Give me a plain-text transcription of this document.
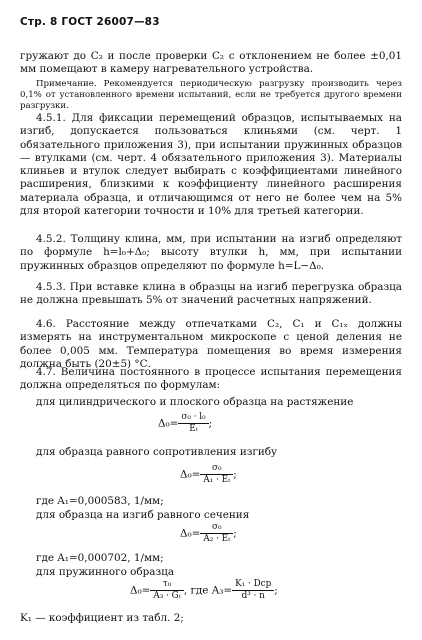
Стр. 8 ГОСТ 26007—83
гружают до C₂ и после проверки C₂ с отклонением не более ±0,01 мм помещают в камеру нагревательного устройства.
Примечание. Рекомендуется периодическую разгрузку производить через 0,1% от установленного времени испытаний, если не требуется другого времени разгрузки.
4.5.1. Для фиксации перемещений образцов, испытываемых на изгиб, допускается пользоваться клиньями (см. черт. 1 обязательного приложения 3), при испытании пружинных образцов — втулками (см. черт. 4 обязательного приложения 3). Материалы клиньев и втулок следует выбирать с коэффициентами линейного расширения, близкими к коэффициенту линейного расширения материала образца, и отличающимся от него не более чем на 5% для второй категории точности и 10% для третьей категории.
4.5.2. Толщину клина, мм, при испытании на изгиб определяют по формуле h=l₀+Δ₀; высоту втулки h, мм, при испытании пружинных образцов определяют по формуле h=L−Δ₀.
4.5.3. При вставке клина в образцы на изгиб перегрузка образца не должна превышать 5% от значений расчетных напряжений.
4.6. Расстояние между отпечатками C₂, C₁ и C₁ₓ должны измерять на инструментальном микроскопе с ценой деления не более 0,005 мм. Температура помещения во время измерения должна быть (20±5) °С.
4.7. Величина постоянного в процессе испытания перемещения должна определяться по формулам:
для цилиндрического и плоского образца на растяжение
$\Delta_0= \frac{\text{σ₀ · l₀}}{\text{Eₜ}}$ ;
для образца равного сопротивления изгибу
$\Delta_0= \frac{\text{σ₀}}{\text{A₁ · Eₜ}}$ ;
где A₁=0,000583, 1/мм;
для образца на изгиб равного сечения
$\Delta_0= \frac{\text{σ₀}}{\text{A₂ · Eₜ}}$ ;
где A₁=0,000702, 1/мм;
для пружинного образца
$\Delta_0= \frac{\text{τ₀}}{\text{A₃ · Gₜ}}$ , где $A_3= \frac{\text{K₁ · Dср}}{\text{d³ · n}}$ ;
K₁ — коэффициент из табл. 2;
